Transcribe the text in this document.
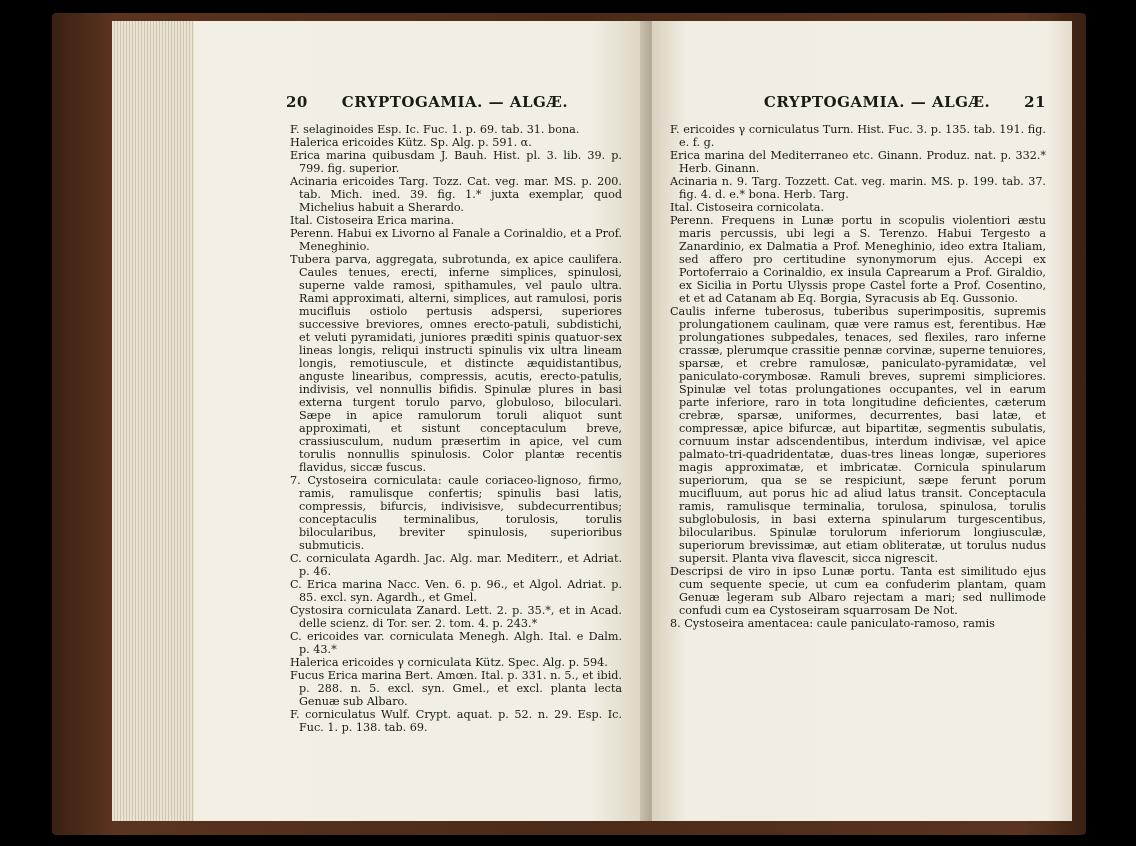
20 CRYPTOGAMIA. — ALGÆ.

F. selaginoides Esp. Ic. Fuc. 1. p. 69. tab. 31. bona.

Halerica ericoides Kütz. Sp. Alg. p. 591. α.

Erica marina quibusdam J. Bauh. Hist. pl. 3. lib. 39. p. 799. fig. superior.

Acinaria ericoides Targ. Tozz. Cat. veg. mar. MS. p. 200. tab. Mich. ined. 39. fig. 1.* juxta exemplar, quod Michelius habuit a Sherardo.

Ital. Cistoseira Erica marina.

Perenn. Habui ex Livorno al Fanale a Corinaldio, et a Prof. Meneghinio.

Tubera parva, aggregata, subrotunda, ex apice caulifera. Caules tenues, erecti, inferne simplices, spinulosi, superne valde ramosi, spithamules, vel paulo ultra. Rami approximati, alterni, simplices, aut ramulosi, poris mucifluis ostiolo pertusis adspersi, superiores successive breviores, omnes erecto-patuli, subdistichi, et veluti pyramidati, juniores præditi spinis quatuor-sex lineas longis, reliqui instructi spinulis vix ultra lineam longis, remotiuscule, et distincte æquidistantibus, anguste linearibus, compressis, acutis, erecto-patulis, indivisis, vel nonnullis bifidis. Spinulæ plures in basi externa turgent torulo parvo, globuloso, biloculari. Sæpe in apice ramulorum toruli aliquot sunt approximati, et sistunt conceptaculum breve, crassiusculum, nudum præsertim in apice, vel cum torulis nonnullis spinulosis. Color plantæ recentis flavidus, siccæ fuscus.

7. Cystoseira corniculata: caule coriaceo-lignoso, firmo, ramis, ramulisque confertis; spinulis basi latis, compressis, bifurcis, indivisisve, subdecurrentibus; conceptaculis terminalibus, torulosis, torulis bilocularibus, breviter spinulosis, superioribus submuticis.

C. corniculata Agardh. Jac. Alg. mar. Mediterr., et Adriat. p. 46.

C. Erica marina Nacc. Ven. 6. p. 96., et Algol. Adriat. p. 85. excl. syn. Agardh., et Gmel.

Cystosira corniculata Zanard. Lett. 2. p. 35.*, et in Acad. delle scienz. di Tor. ser. 2. tom. 4. p. 243.*

C. ericoides var. corniculata Menegh. Algh. Ital. e Dalm. p. 43.*

Halerica ericoides γ corniculata Kütz. Spec. Alg. p. 594.

Fucus Erica marina Bert. Amœn. Ital. p. 331. n. 5., et ibid. p. 288. n. 5. excl. syn. Gmel., et excl. planta lecta Genuæ sub Albaro.

F. corniculatus Wulf. Crypt. aquat. p. 52. n. 29. Esp. Ic. Fuc. 1. p. 138. tab. 69.

CRYPTOGAMIA. — ALGÆ. 21

F. ericoides γ corniculatus Turn. Hist. Fuc. 3. p. 135. tab. 191. fig. e. f. g.

Erica marina del Mediterraneo etc. Ginann. Produz. nat. p. 332.* Herb. Ginann.

Acinaria n. 9. Targ. Tozzett. Cat. veg. marin. MS. p. 199. tab. 37. fig. 4. d. e.* bona. Herb. Targ.

Ital. Cistoseira cornicolata.

Perenn. Frequens in Lunæ portu in scopulis violentiori æstu maris percussis, ubi legi a S. Terenzo. Habui Tergesto a Zanardinio, ex Dalmatia a Prof. Meneghinio, ideo extra Italiam, sed affero pro certitudine synonymorum ejus. Accepi ex Portoferraio a Corinaldio, ex insula Caprearum a Prof. Giraldio, ex Sicilia in Portu Ulyssis prope Castel forte a Prof. Cosentino, et et ad Catanam ab Eq. Borgia, Syracusis ab Eq. Gussonio.

Caulis inferne tuberosus, tuberibus superimpositis, supremis prolungationem caulinam, quæ vere ramus est, ferentibus. Hæ prolungationes subpedales, tenaces, sed flexiles, raro inferne crassæ, plerumque crassitie pennæ corvinæ, superne tenuiores, sparsæ, et crebre ramulosæ, paniculato-pyramidatæ, vel paniculato-corymbosæ. Ramuli breves, supremi simpliciores. Spinulæ vel totas prolungationes occupantes, vel in earum parte inferiore, raro in tota longitudine deficientes, cæterum crebræ, sparsæ, uniformes, decurrentes, basi latæ, et compressæ, apice bifurcæ, aut bipartitæ, segmentis subulatis, cornuum instar adscendentibus, interdum indivisæ, vel apice palmato-tri-quadridentatæ, duas-tres lineas longæ, superiores magis approximatæ, et imbricatæ. Cornicula spinularum superiorum, qua se se respiciunt, sæpe ferunt porum mucifluum, aut porus hic ad aliud latus transit. Conceptacula ramis, ramulisque terminalia, torulosa, spinulosa, torulis subglobulosis, in basi externa spinularum turgescentibus, bilocularibus. Spinulæ torulorum inferiorum longiusculæ, superiorum brevissimæ, aut etiam obliteratæ, ut torulus nudus supersit. Planta viva flavescit, sicca nigrescit.

Descripsi de viro in ipso Lunæ portu. Tanta est similitudo ejus cum sequente specie, ut cum ea confuderim plantam, quam Genuæ legeram sub Albaro rejectam a mari; sed nullimode confudi cum ea Cystoseiram squarrosam De Not.

8. Cystoseira amentacea: caule paniculato-ramoso, ramis
